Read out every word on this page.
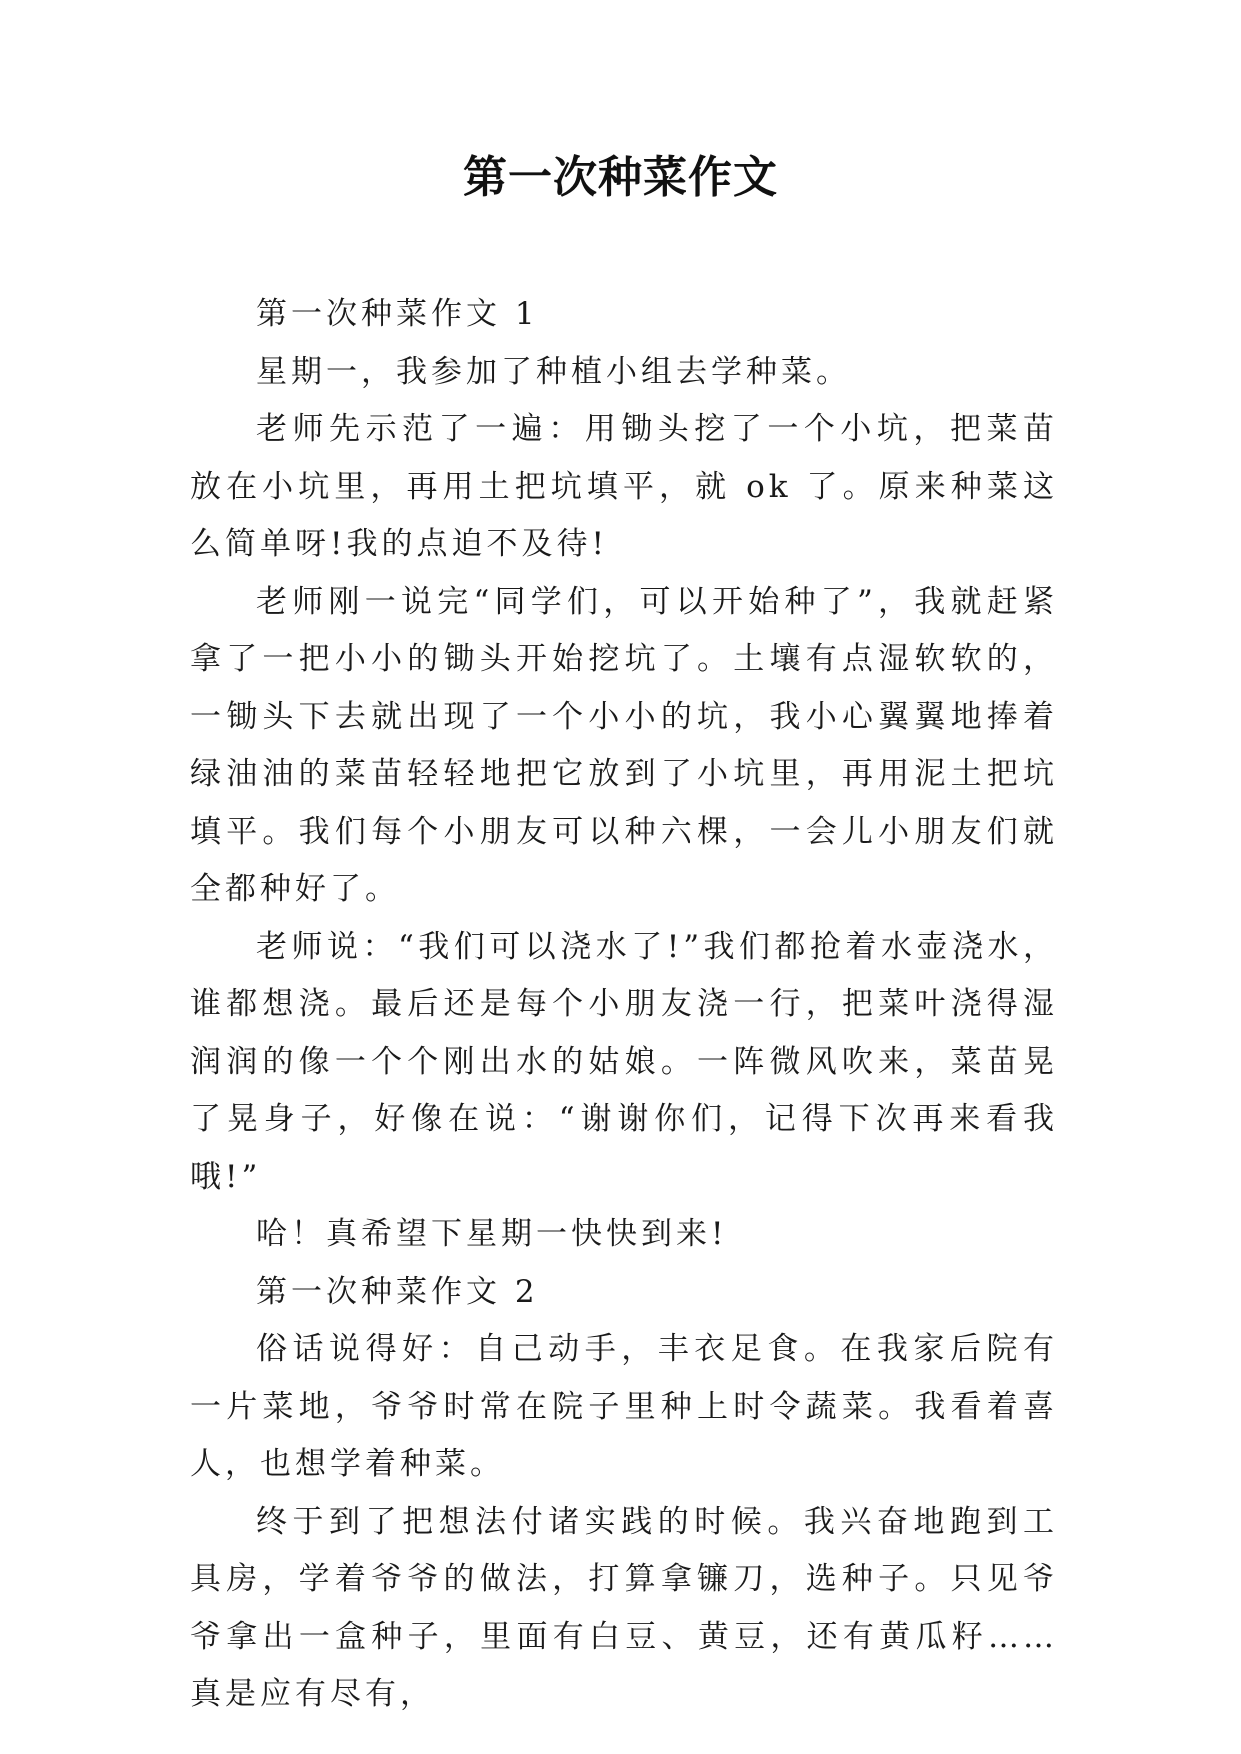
第一次种菜作文

第一次种菜作文 1

星期一，我参加了种植小组去学种菜。

老师先示范了一遍：用锄头挖了一个小坑，把菜苗放在小坑里，再用土把坑填平，就 ok 了。原来种菜这么简单呀!我的点迫不及待!

老师刚一说完“同学们，可以开始种了”，我就赶紧拿了一把小小的锄头开始挖坑了。土壤有点湿软软的，一锄头下去就出现了一个小小的坑，我小心翼翼地捧着绿油油的菜苗轻轻地把它放到了小坑里，再用泥土把坑填平。我们每个小朋友可以种六棵，一会儿小朋友们就全都种好了。

老师说：“我们可以浇水了!”我们都抢着水壶浇水，谁都想浇。最后还是每个小朋友浇一行，把菜叶浇得湿润润的像一个个刚出水的姑娘。一阵微风吹来，菜苗晃了晃身子，好像在说：“谢谢你们，记得下次再来看我哦!”

哈！真希望下星期一快快到来!

第一次种菜作文 2

俗话说得好：自己动手，丰衣足食。在我家后院有一片菜地，爷爷时常在院子里种上时令蔬菜。我看着喜人，也想学着种菜。

终于到了把想法付诸实践的时候。我兴奋地跑到工具房，学着爷爷的做法，打算拿镰刀，选种子。只见爷爷拿出一盒种子，里面有白豆、黄豆，还有黄瓜籽……真是应有尽有，
